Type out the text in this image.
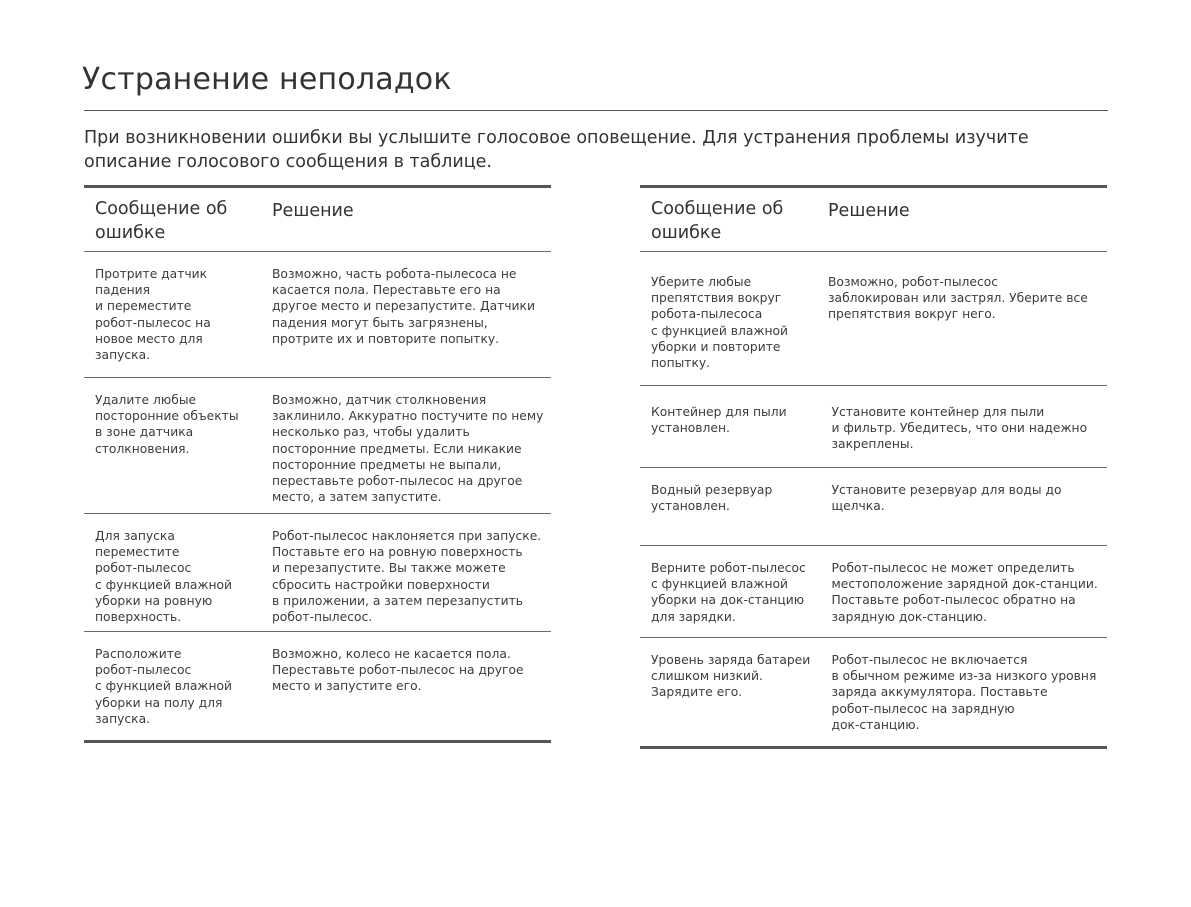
Устранение неполадок

При возникновении ошибки вы услышите голосовое оповещение. Для устранения проблемы изучите описание голосового сообщения в таблице.

Сообщение об
ошибке
Решение
Протрите датчик
падения
и переместите
робот-пылесос на
новое место для
запуска.
Возможно, часть робота-пылесоса не
касается пола. Переставьте его на
другое место и перезапустите. Датчики
падения могут быть загрязнены,
протрите их и повторите попытку.
Удалите любые
посторонние объекты
в зоне датчика
столкновения.
Возможно, датчик столкновения
заклинило. Аккуратно постучите по нему
несколько раз, чтобы удалить
посторонние предметы. Если никакие
посторонние предметы не выпали,
переставьте робот-пылесос на другое
место, а затем запустите.
Для запуска
переместите
робот-пылесос
с функцией влажной
уборки на ровную
поверхность.
Робот-пылесос наклоняется при запуске.
Поставьте его на ровную поверхность
и перезапустите. Вы также можете
сбросить настройки поверхности
в приложении, а затем перезапустить
робот-пылесос.
Расположите
робот-пылесос
с функцией влажной
уборки на полу для
запуска.
Возможно, колесо не касается пола.
Переставьте робот-пылесос на другое
место и запустите его.
Сообщение об
ошибке
Решение
Уберите любые
препятствия вокруг
робота-пылесоса
с функцией влажной
уборки и повторите
попытку.
Возможно, робот-пылесос
заблокирован или застрял. Уберите все
препятствия вокруг него.
Контейнер для пыли
установлен.
Установите контейнер для пыли
и фильтр. Убедитесь, что они надежно
закреплены.
Водный резервуар
установлен.
Установите резервуар для воды до
щелчка.
Верните робот-пылесос
с функцией влажной
уборки на док-станцию
для зарядки.
Робот-пылесос не может определить
местоположение зарядной док-станции.
Поставьте робот-пылесос обратно на
зарядную док-станцию.
Уровень заряда батареи
слишком низкий.
Зарядите его.
Робот-пылесос не включается
в обычном режиме из-за низкого уровня
заряда аккумулятора. Поставьте
робот-пылесос на зарядную
док-станцию.
